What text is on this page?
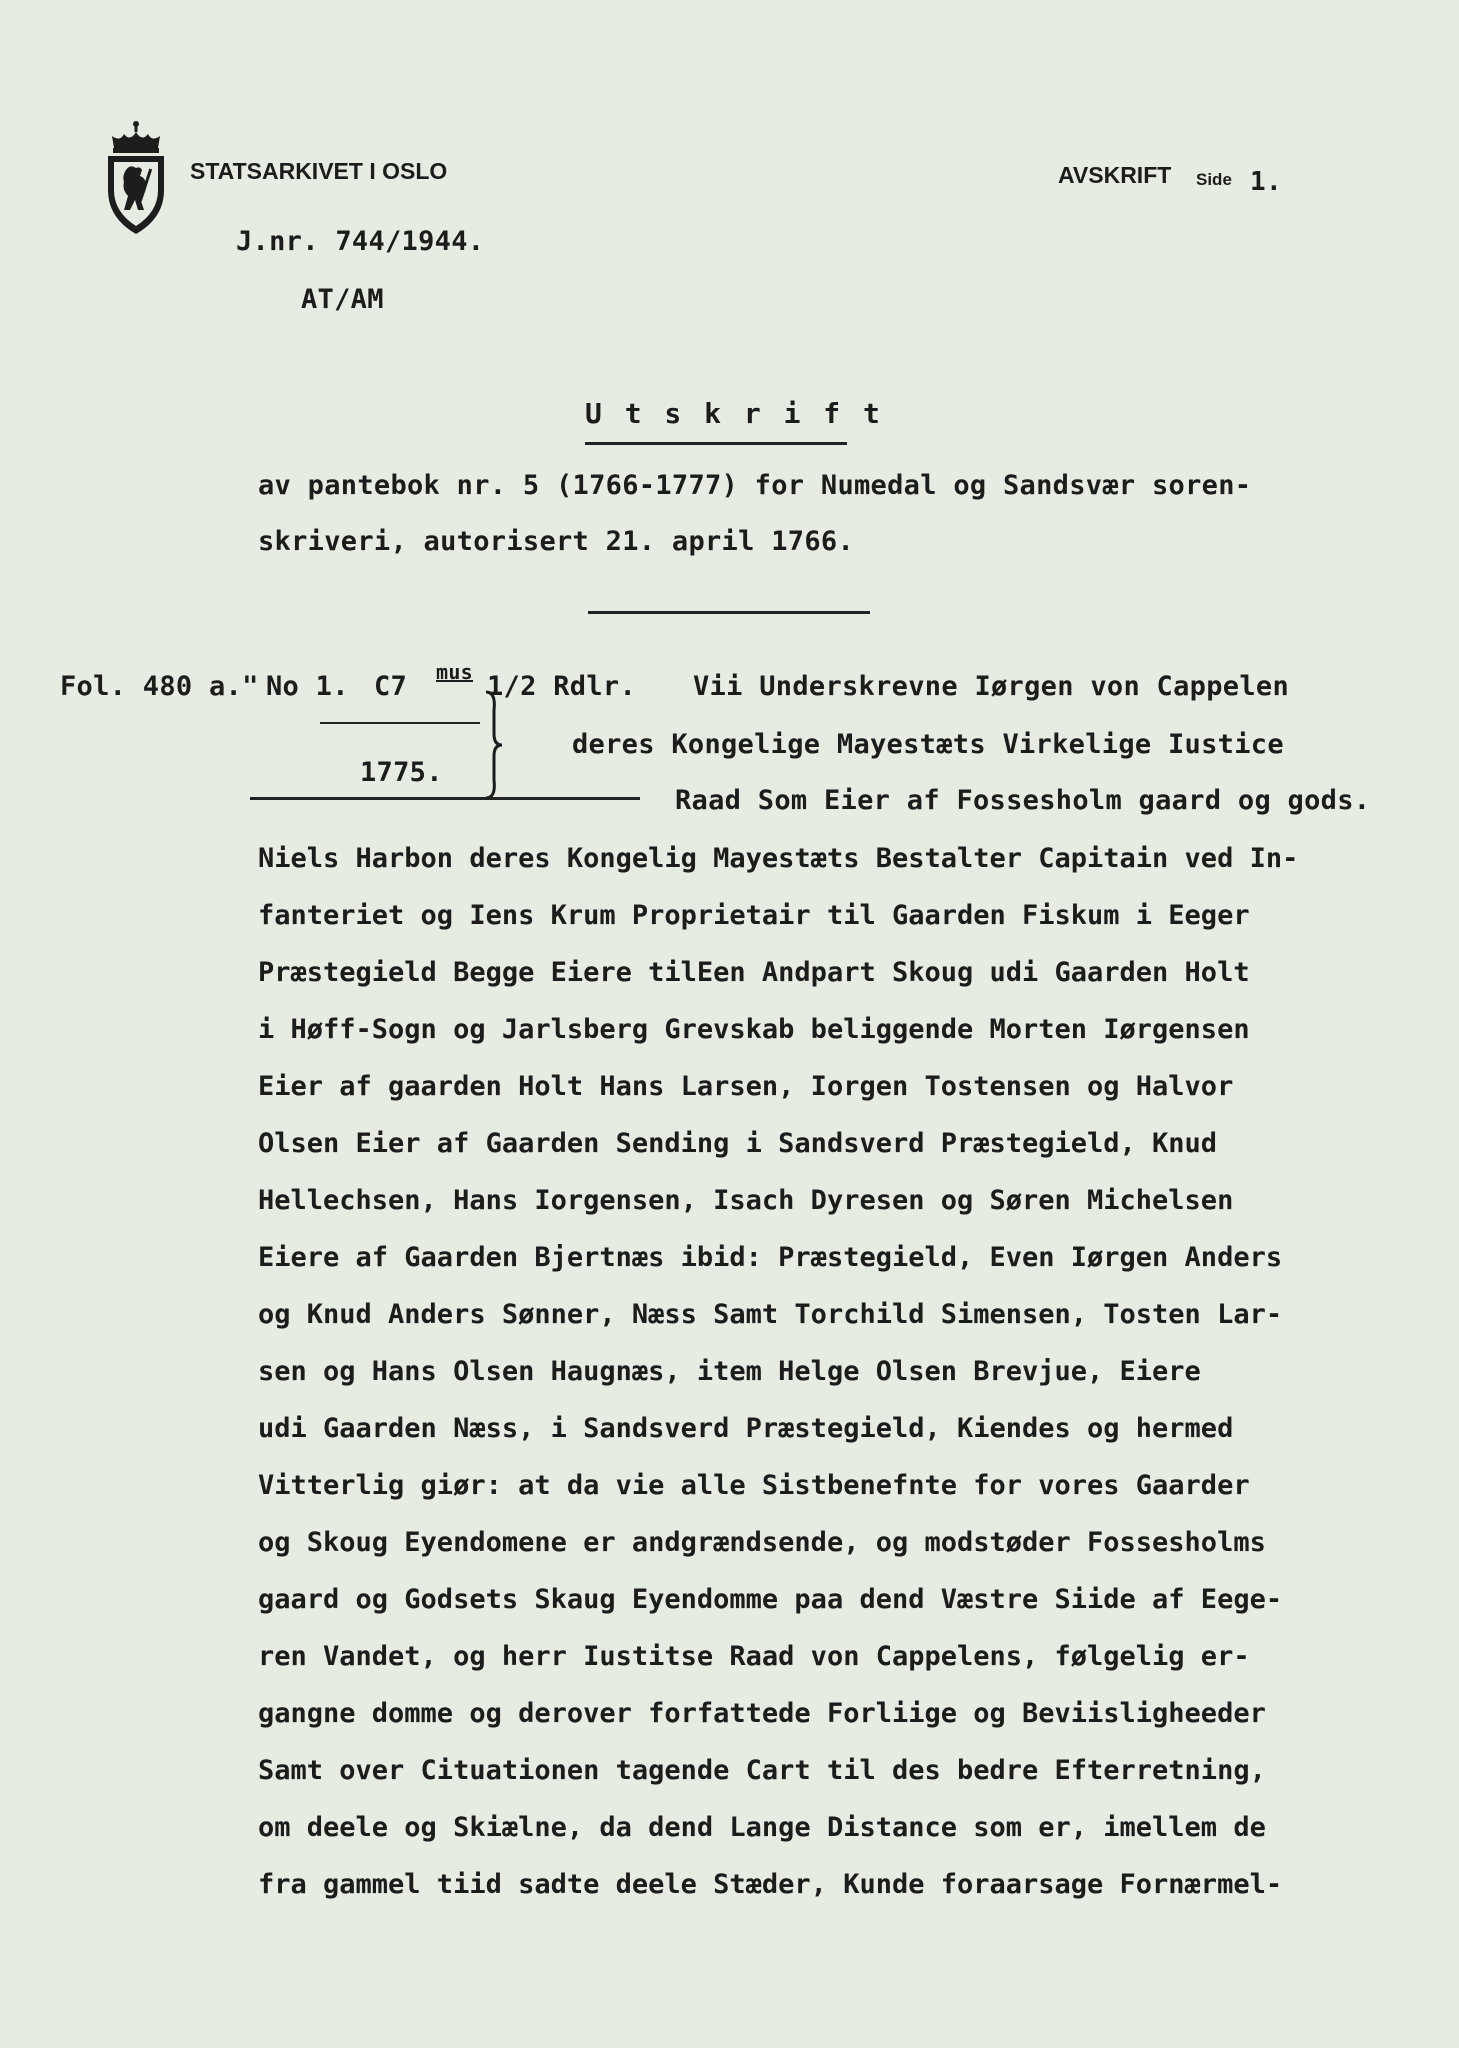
STATSARKIVET I OSLO	AVSKRIFT Side 1.
J.nr. 744/1944.
AT/AM
U t s k r i f t
av pantebok nr. 5 (1766-1777) for Numedal og Sandsvær soren-
skriveri, autorisert 21. april 1766.
Fol. 480 a." No 1. C7 mus 1/2 Rdlr. Vii Underskrevne Iørgen von Cappelen
deres Kongelige Mayestæts Virkelige Iustice
Raad Som Eier af Fossesholm gaard og gods.
1775.
Niels Harbon deres Kongelig Mayestæts Bestalter Capitain ved In-
fanteriet og Iens Krum Proprietair til Gaarden Fiskum i Eeger
Præstegield Begge Eiere tilEen Andpart Skoug udi Gaarden Holt
i Høff-Sogn og Jarlsberg Grevskab beliggende Morten Iørgensen
Eier af gaarden Holt Hans Larsen, Iorgen Tostensen og Halvor
Olsen Eier af Gaarden Sending i Sandsverd Præstegield, Knud
Hellechsen, Hans Iorgensen, Isach Dyresen og Søren Michelsen
Eiere af Gaarden Bjertnæs ibid: Præstegield, Even Iørgen Anders
og Knud Anders Sønner, Næss Samt Torchild Simensen, Tosten Lar-
sen og Hans Olsen Haugnæs, item Helge Olsen Brevjue, Eiere
udi Gaarden Næss, i Sandsverd Præstegield, Kiendes og hermed
Vitterlig giør: at da vie alle Sistbenefnte for vores Gaarder
og Skoug Eyendomene er andgrændsende, og modstøder Fossesholms
gaard og Godsets Skaug Eyendomme paa dend Væstre Siide af Eege-
ren Vandet, og herr Iustitse Raad von Cappelens, følgelig er-
gangne domme og derover forfattede Forliige og Beviisligheeder
Samt over Cituationen tagende Cart til des bedre Efterretning,
om deele og Skiælne, da dend Lange Distance som er, imellem de
fra gammel tiid sadte deele Stæder, Kunde foraarsage Fornærmel-
